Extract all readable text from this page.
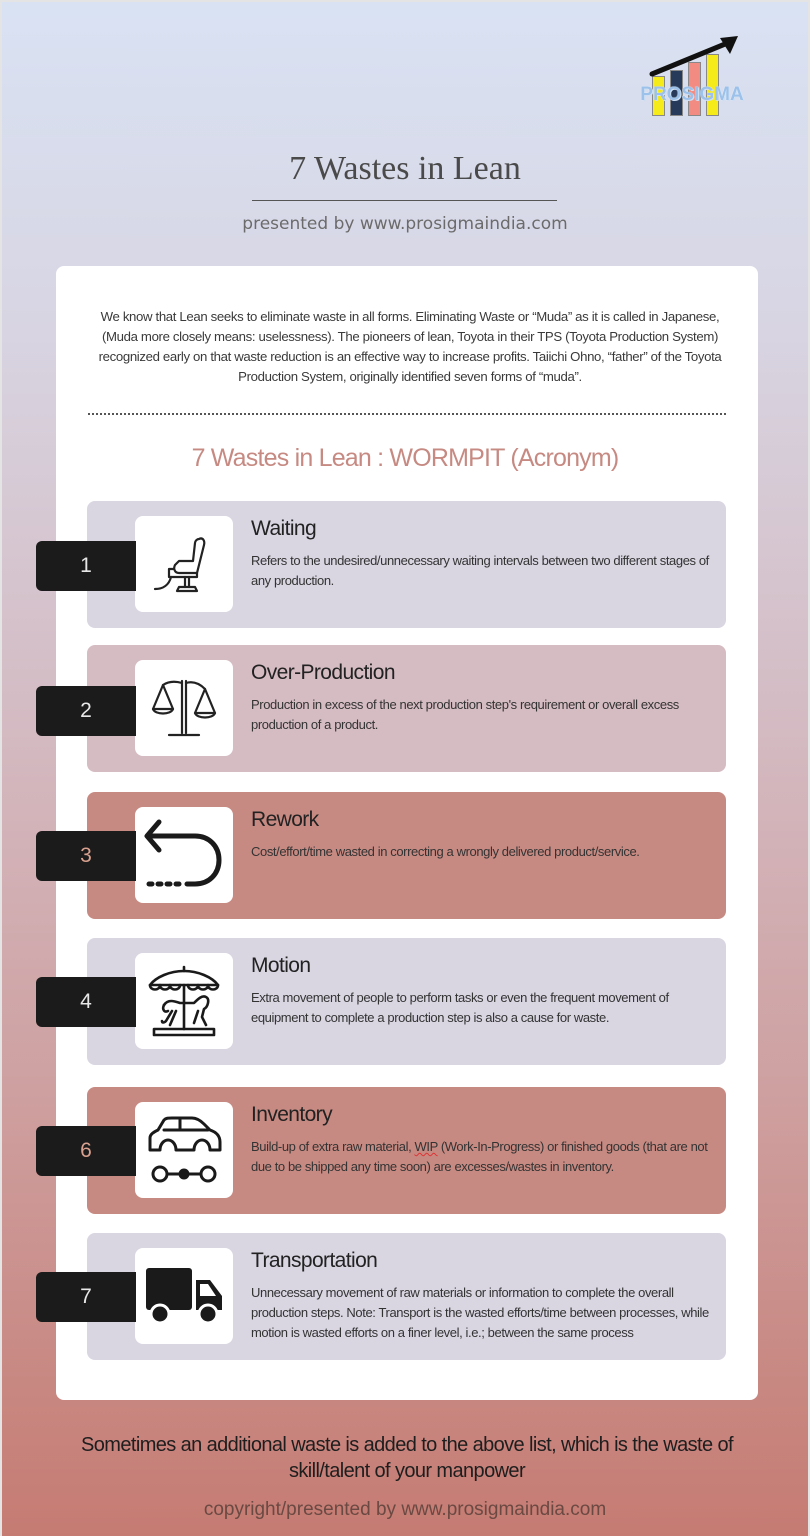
PROSIGMA
7 Wastes in Lean
presented by www.prosigmaindia.com
We know that Lean seeks to eliminate waste in all forms. Eliminating Waste or “Muda” as it is called in Japanese, (Muda more closely means: uselessness). The pioneers of lean, Toyota in their TPS (Toyota Production System) recognized early on that waste reduction is an effective way to increase profits. Taiichi Ohno, “father” of the Toyota Production System, originally identified seven forms of “muda”.
7 Wastes in Lean : WORMPIT (Acronym)
Waiting
Refers to the undesired/unnecessary waiting intervals between two different stages of any production.
1
Over-Production
Production in excess of the next production step's requirement or overall excess production of a product.
2
Rework
Cost/effort/time wasted in correcting a wrongly delivered product/service.
3
Motion
Extra movement of people to perform tasks or even the frequent movement of equipment to complete a production step is also a cause for waste.
4
Inventory
Build-up of extra raw material, WIP (Work-In-Progress) or finished goods (that are not due to be shipped any time soon) are excesses/wastes in inventory.
6
Transportation
Unnecessary movement of raw materials or information to complete the overall production steps. Note: Transport is the wasted efforts/time between processes, while motion is wasted efforts on a finer level, i.e.; between the same process
7
Sometimes an additional waste is added to the above list, which is the waste of skill/talent of your manpower
copyright/presented by www.prosigmaindia.com
